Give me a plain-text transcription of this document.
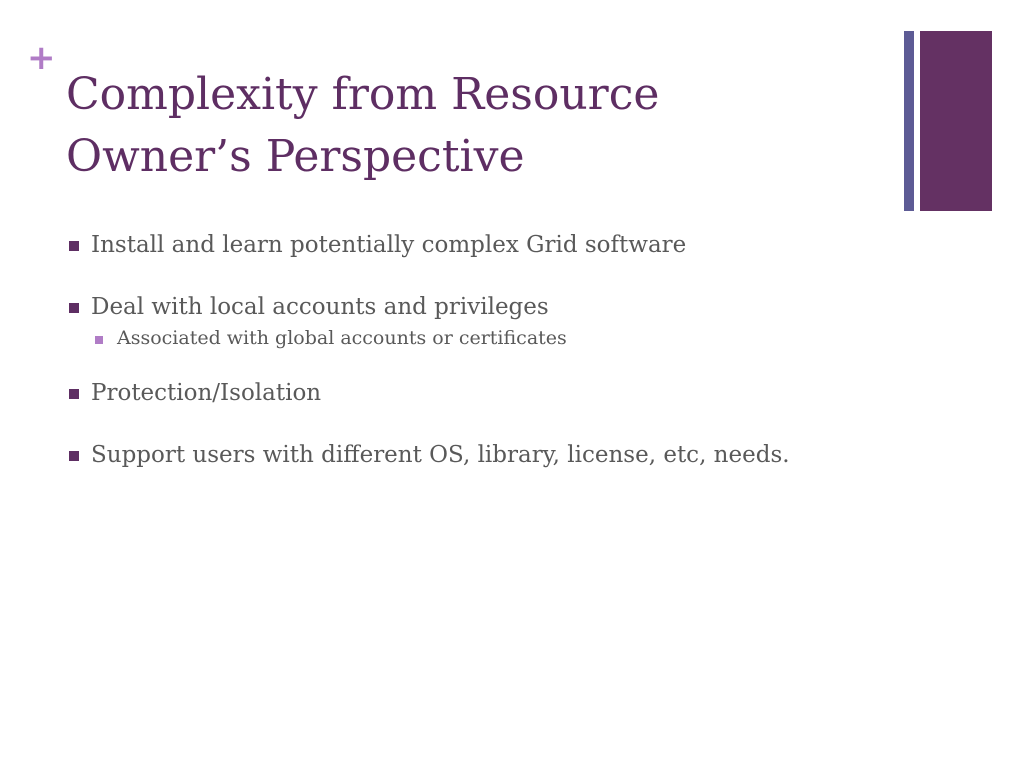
+
Complexity from Resource
Owner’s Perspective
Install and learn potentially complex Grid software
Deal with local accounts and privileges
Associated with global accounts or certificates
Protection/Isolation
Support users with different OS, library, license, etc, needs.
